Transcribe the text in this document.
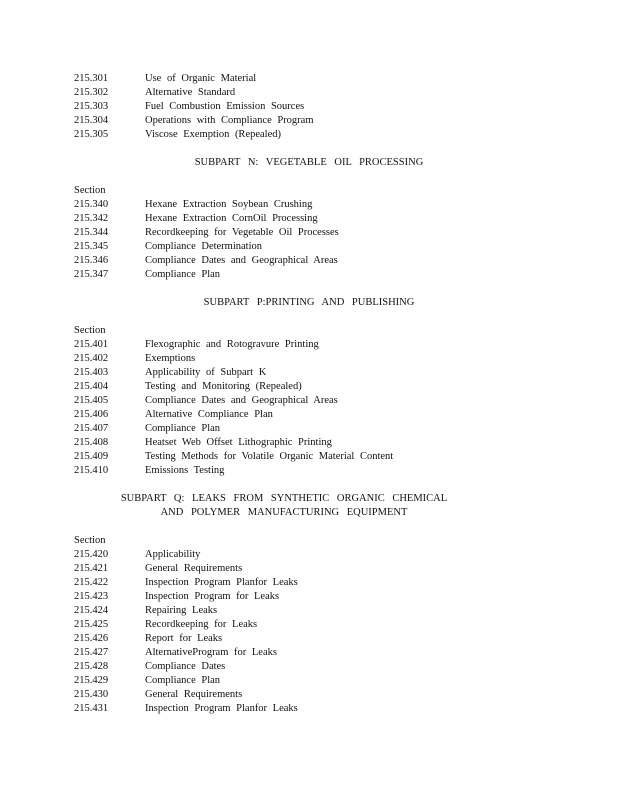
215.301	Use of Organic Material
215.302	Alternative Standard
215.303	Fuel Combustion Emission Sources
215.304	Operations with Compliance Program
215.305	Viscose Exemption (Repealed)
SUBPART N: VEGETABLE OIL PROCESSING
Section
215.340	Hexane Extraction Soybean Crushing
215.342	Hexane Extraction CornOil Processing
215.344	Recordkeeping for Vegetable Oil Processes
215.345	Compliance Determination
215.346	Compliance Dates and Geographical Areas
215.347	Compliance Plan
SUBPART P:PRINTING AND PUBLISHING
Section
215.401	Flexographic and Rotogravure Printing
215.402	Exemptions
215.403	Applicability of Subpart K
215.404	Testing and Monitoring (Repealed)
215.405	Compliance Dates and Geographical Areas
215.406	Alternative Compliance Plan
215.407	Compliance Plan
215.408	Heatset Web Offset Lithographic Printing
215.409	Testing Methods for Volatile Organic Material Content
215.410	Emissions Testing
SUBPART Q: LEAKS FROM SYNTHETIC ORGANIC CHEMICAL
AND POLYMER MANUFACTURING EQUIPMENT
Section
215.420	Applicability
215.421	General Requirements
215.422	Inspection Program Planfor Leaks
215.423	Inspection Program for Leaks
215.424	Repairing Leaks
215.425	Recordkeeping for Leaks
215.426	Report for Leaks
215.427	AlternativeProgram for Leaks
215.428	Compliance Dates
215.429	Compliance Plan
215.430	General Requirements
215.431	Inspection Program Planfor Leaks
